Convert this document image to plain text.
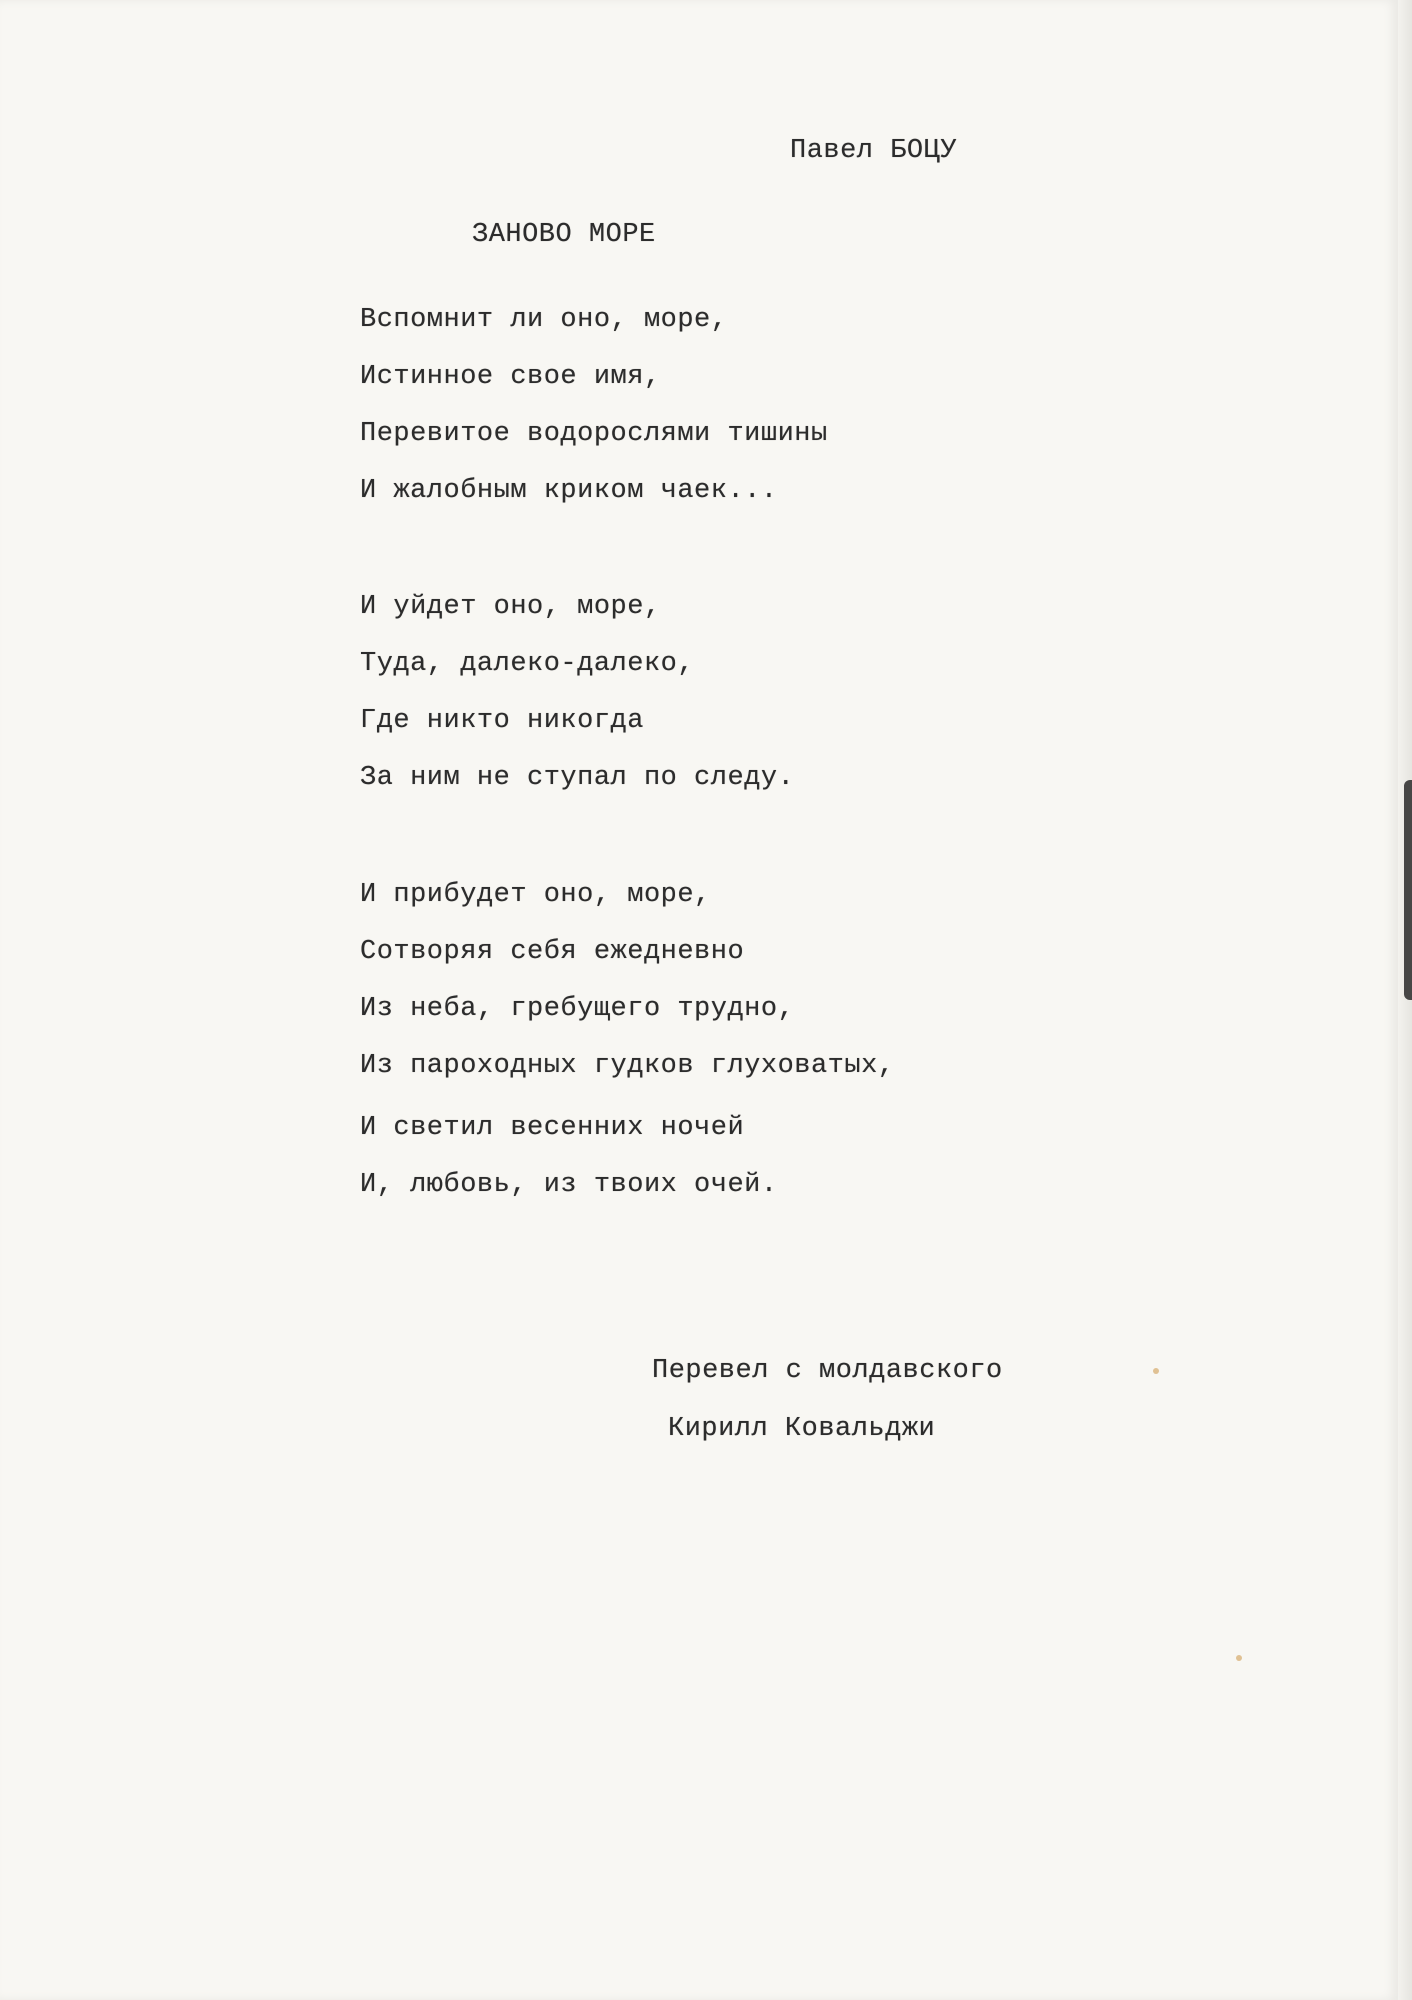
Павел БОЦУ
ЗАНОВО МОРЕ
Вспомнит ли оно, море,
Истинное свое имя,
Перевитое водорослями тишины
И жалобным криком чаек...
И уйдет оно, море,
Туда, далеко-далеко,
Где никто никогда
За ним не ступал по следу.
И прибудет оно, море,
Сотворяя себя ежедневно
Из неба, гребущего трудно,
Из пароходных гудков глуховатых,
И светил весенних ночей
И, любовь, из твоих очей.
Перевел с молдавского
Кирилл Ковальджи
